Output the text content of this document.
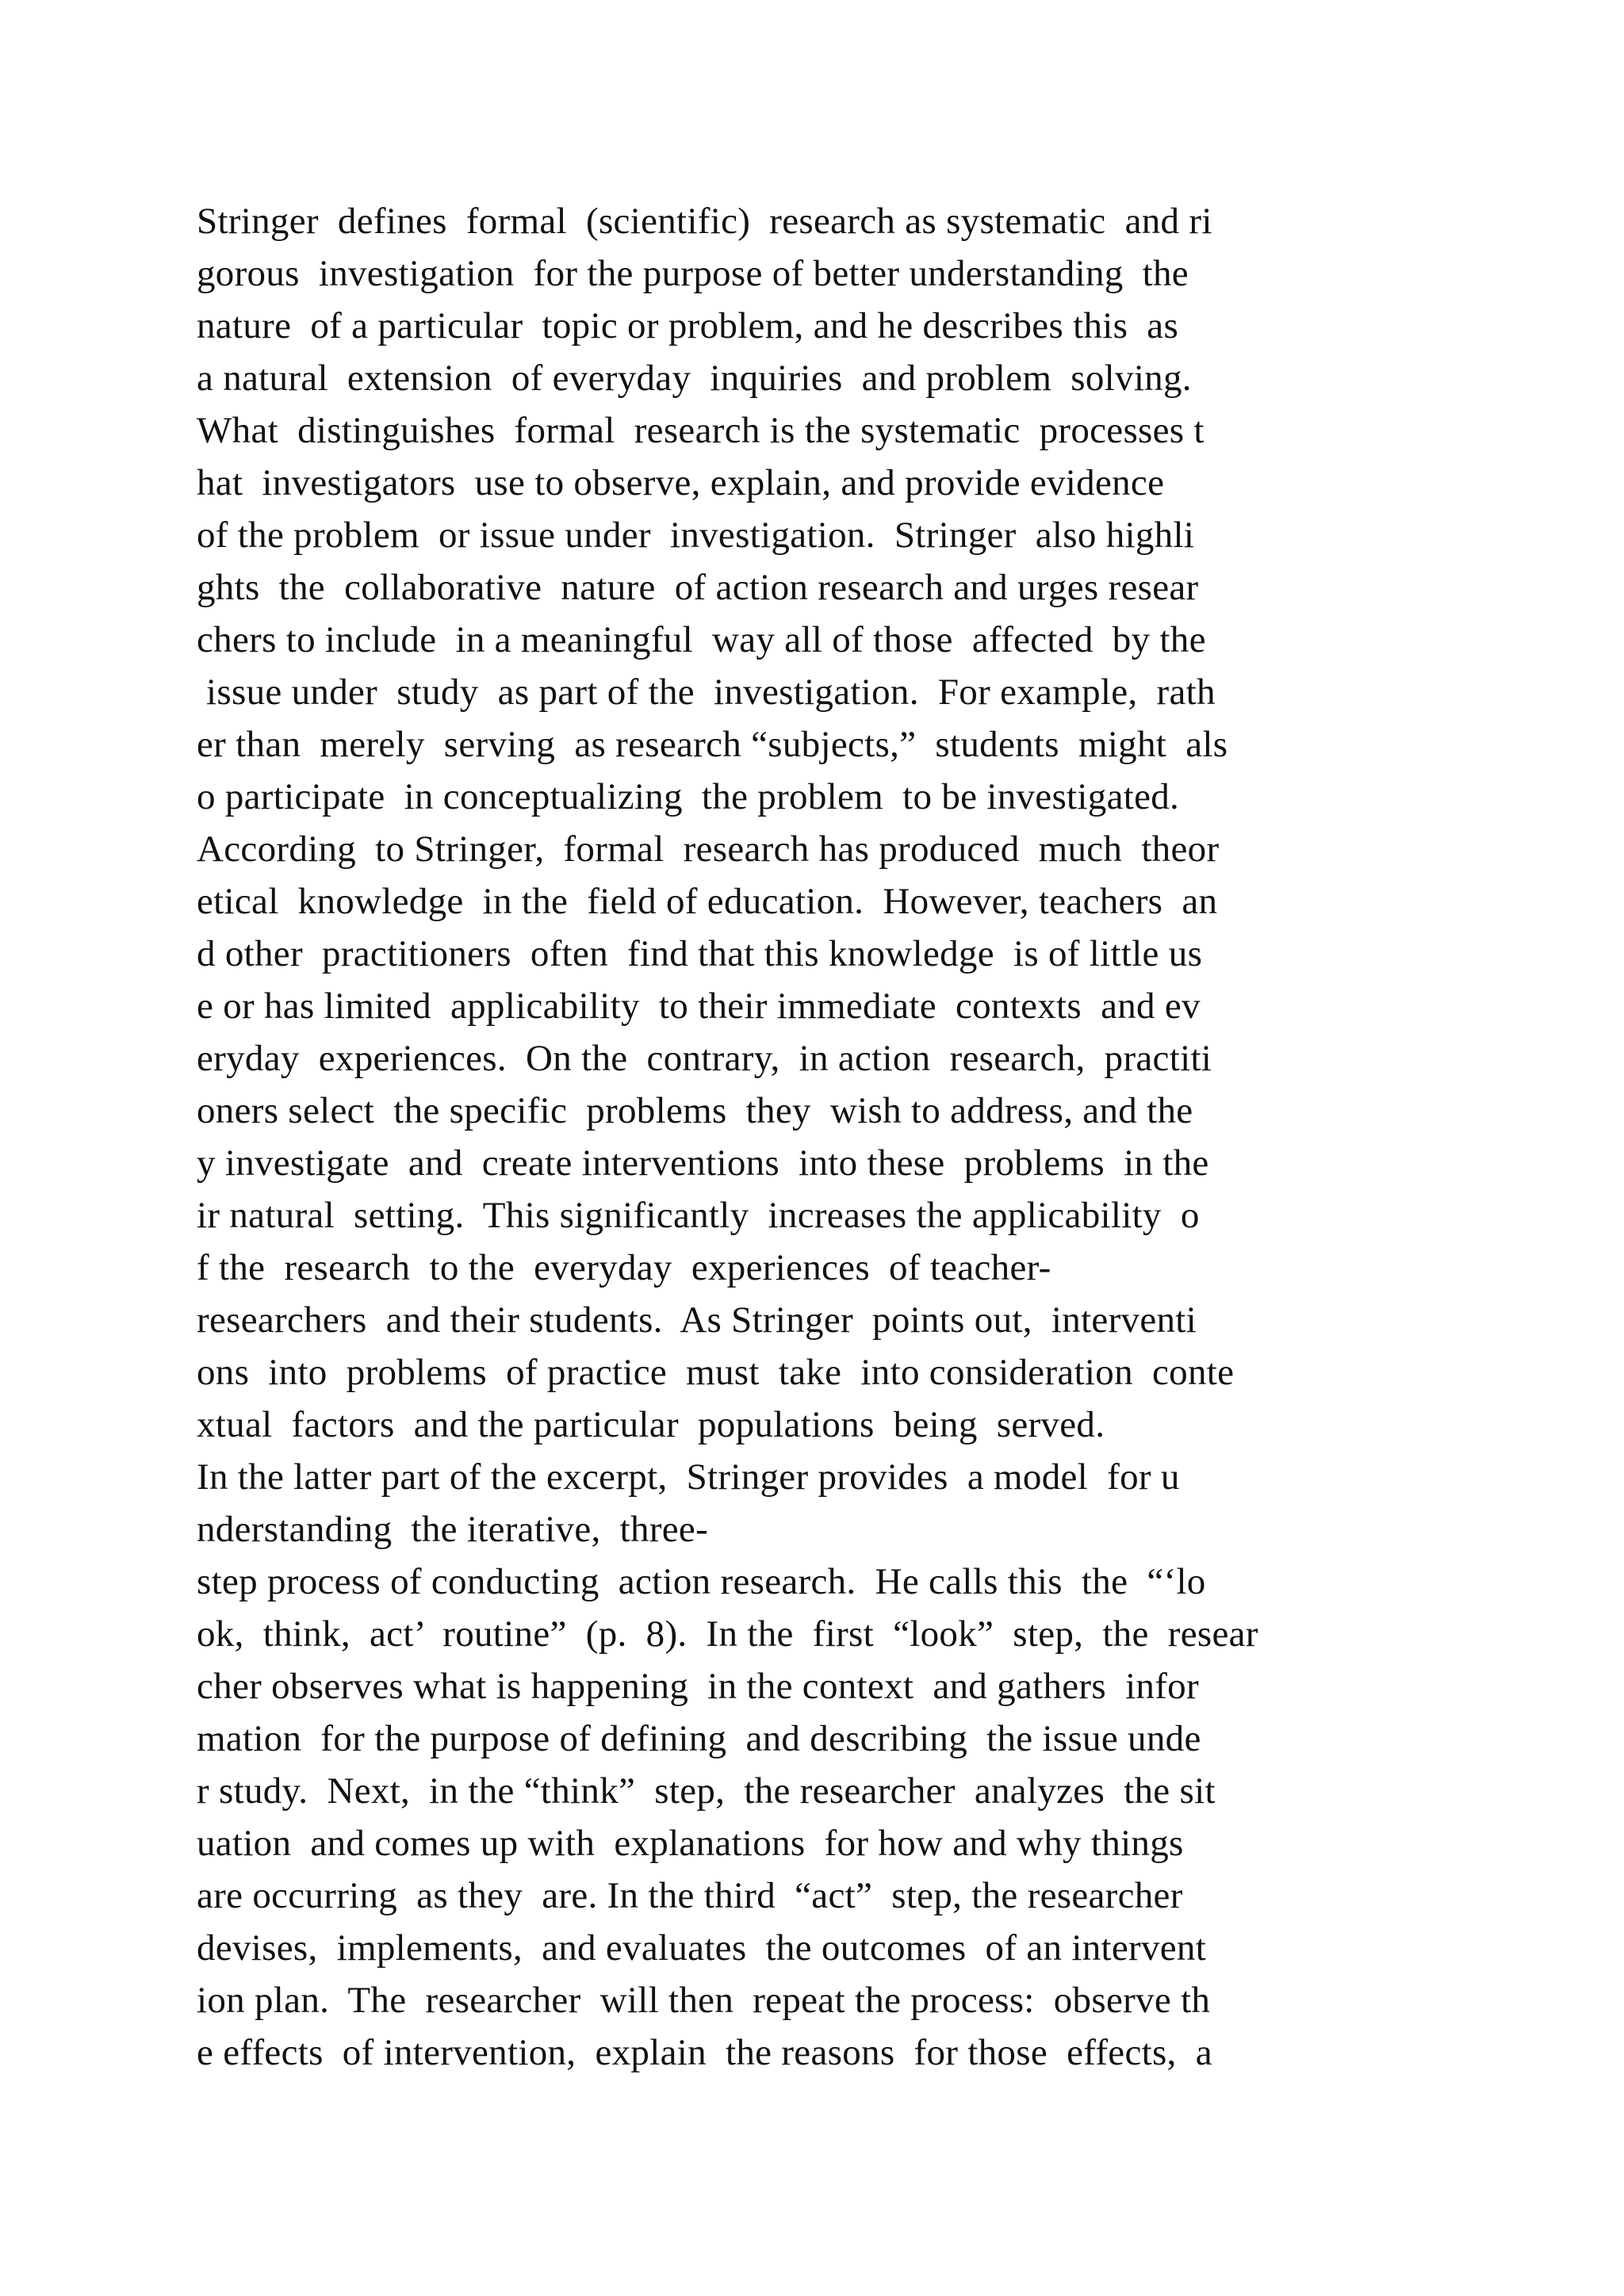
Stringer  defines  formal  (scientific)  research as systematic  and ri
gorous  investigation  for the purpose of better understanding  the
nature  of a particular  topic or problem, and he describes this  as
a natural  extension  of everyday  inquiries  and problem  solving.
What  distinguishes  formal  research is the systematic  processes t
hat  investigators  use to observe, explain, and provide evidence
of the problem  or issue under  investigation.  Stringer  also highli
ghts  the  collaborative  nature  of action research and urges resear
chers to include  in a meaningful  way all of those  affected  by the
issue under  study  as part of the  investigation.  For example,  rath
er than  merely  serving  as research “subjects,”  students  might  als
o participate  in conceptualizing  the problem  to be investigated.
According  to Stringer,  formal  research has produced  much  theor
etical  knowledge  in the  field of education.  However, teachers  an
d other  practitioners  often  find that this knowledge  is of little us
e or has limited  applicability  to their immediate  contexts  and ev
eryday  experiences.  On the  contrary,  in action  research,  practiti
oners select  the specific  problems  they  wish to address, and the
y investigate  and  create interventions  into these  problems  in the
ir natural  setting.  This significantly  increases the applicability  o
f the  research  to the  everyday  experiences  of teacher-
researchers  and their students.  As Stringer  points out,  interventi
ons  into  problems  of practice  must  take  into consideration  conte
xtual  factors  and the particular  populations  being  served.
In the latter part of the excerpt,  Stringer provides  a model  for u
nderstanding  the iterative,  three-
step process of conducting  action research.  He calls this  the  “‘lo
ok,  think,  act’  routine”  (p.  8).  In the  first  “look”  step,  the  resear
cher observes what is happening  in the context  and gathers  infor
mation  for the purpose of defining  and describing  the issue unde
r study.  Next,  in the “think”  step,  the researcher  analyzes  the sit
uation  and comes up with  explanations  for how and why things
are occurring  as they  are. In the third  “act”  step, the researcher
devises,  implements,  and evaluates  the outcomes  of an intervent
ion plan.  The  researcher  will then  repeat the process:  observe th
e effects  of intervention,  explain  the reasons  for those  effects,  a
